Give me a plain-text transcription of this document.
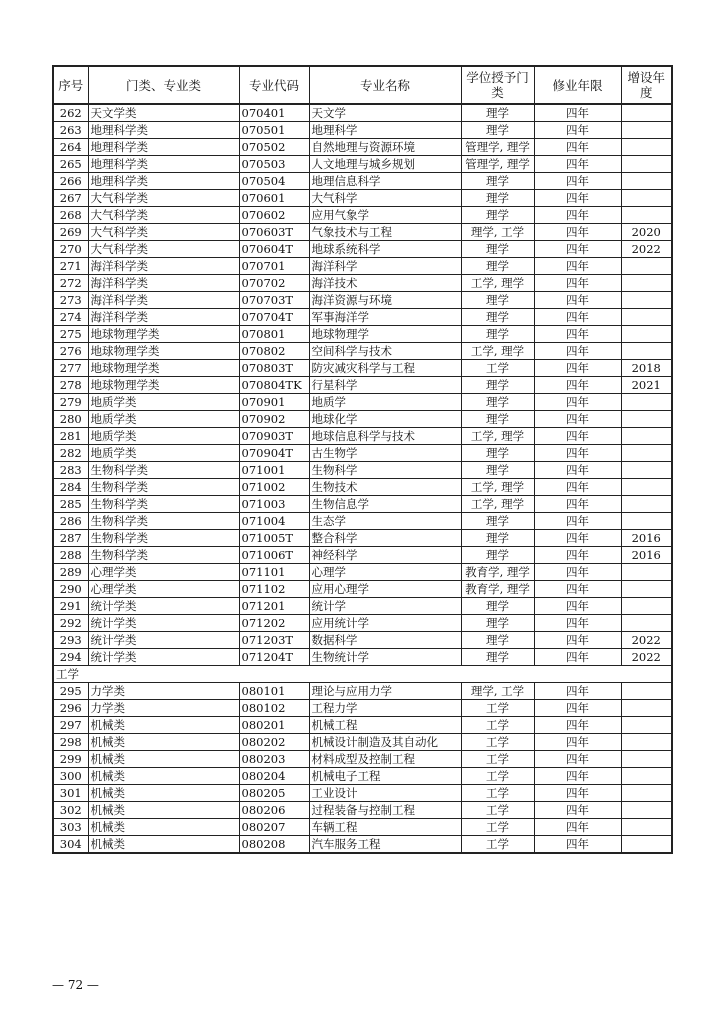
序号	门类、专业类	专业代码	专业名称	学位授予门类	修业年限	增设年度
262	天文学类	070401	天文学	理学	四年	
263	地理科学类	070501	地理科学	理学	四年	
264	地理科学类	070502	自然地理与资源环境	管理学, 理学	四年	
265	地理科学类	070503	人文地理与城乡规划	管理学, 理学	四年	
266	地理科学类	070504	地理信息科学	理学	四年	
267	大气科学类	070601	大气科学	理学	四年	
268	大气科学类	070602	应用气象学	理学	四年	
269	大气科学类	070603T	气象技术与工程	理学, 工学	四年	2020
270	大气科学类	070604T	地球系统科学	理学	四年	2022
271	海洋科学类	070701	海洋科学	理学	四年	
272	海洋科学类	070702	海洋技术	工学, 理学	四年	
273	海洋科学类	070703T	海洋资源与环境	理学	四年	
274	海洋科学类	070704T	军事海洋学	理学	四年	
275	地球物理学类	070801	地球物理学	理学	四年	
276	地球物理学类	070802	空间科学与技术	工学, 理学	四年	
277	地球物理学类	070803T	防灾减灾科学与工程	工学	四年	2018
278	地球物理学类	070804TK	行星科学	理学	四年	2021
279	地质学类	070901	地质学	理学	四年	
280	地质学类	070902	地球化学	理学	四年	
281	地质学类	070903T	地球信息科学与技术	工学, 理学	四年	
282	地质学类	070904T	古生物学	理学	四年	
283	生物科学类	071001	生物科学	理学	四年	
284	生物科学类	071002	生物技术	工学, 理学	四年	
285	生物科学类	071003	生物信息学	工学, 理学	四年	
286	生物科学类	071004	生态学	理学	四年	
287	生物科学类	071005T	整合科学	理学	四年	2016
288	生物科学类	071006T	神经科学	理学	四年	2016
289	心理学类	071101	心理学	教育学, 理学	四年	
290	心理学类	071102	应用心理学	教育学, 理学	四年	
291	统计学类	071201	统计学	理学	四年	
292	统计学类	071202	应用统计学	理学	四年	
293	统计学类	071203T	数据科学	理学	四年	2022
294	统计学类	071204T	生物统计学	理学	四年	2022
工学						
295	力学类	080101	理论与应用力学	理学, 工学	四年	
296	力学类	080102	工程力学	工学	四年	
297	机械类	080201	机械工程	工学	四年	
298	机械类	080202	机械设计制造及其自动化	工学	四年	
299	机械类	080203	材料成型及控制工程	工学	四年	
300	机械类	080204	机械电子工程	工学	四年	
301	机械类	080205	工业设计	工学	四年	
302	机械类	080206	过程装备与控制工程	工学	四年	
303	机械类	080207	车辆工程	工学	四年	
304	机械类	080208	汽车服务工程	工学	四年	
— 72 —
